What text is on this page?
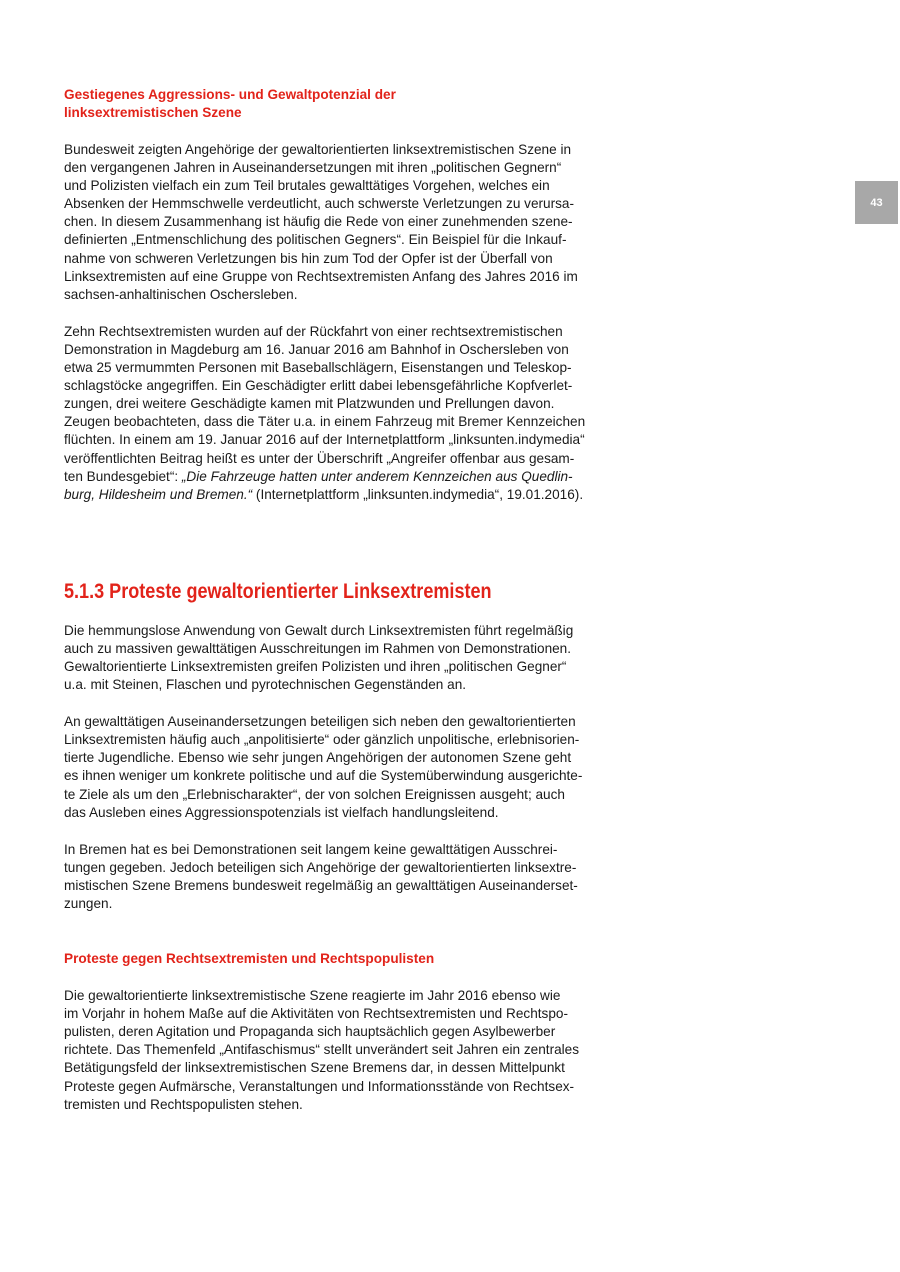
43
Gestiegenes Aggressions- und Gewaltpotenzial der
linksextremistischen Szene

Bundesweit zeigten Angehörige der gewaltorientierten linksextremistischen Szene in
den vergangenen Jahren in Auseinandersetzungen mit ihren „politischen Gegnern“
und Polizisten vielfach ein zum Teil brutales gewalttätiges Vorgehen, welches ein
Absenken der Hemmschwelle verdeutlicht, auch schwerste Verletzungen zu verursa-
chen. In diesem Zusammenhang ist häufig die Rede von einer zunehmenden szene-
definierten „Entmenschlichung des politischen Gegners“. Ein Beispiel für die Inkauf-
nahme von schweren Verletzungen bis hin zum Tod der Opfer ist der Überfall von
Linksextremisten auf eine Gruppe von Rechtsextremisten Anfang des Jahres 2016 im
sachsen-anhaltinischen Oschersleben.

Zehn Rechtsextremisten wurden auf der Rückfahrt von einer rechtsextremistischen
Demonstration in Magdeburg am 16. Januar 2016 am Bahnhof in Oschersleben von
etwa 25 vermummten Personen mit Baseballschlägern, Eisenstangen und Teleskop-
schlagstöcke angegriffen. Ein Geschädigter erlitt dabei lebensgefährliche Kopfverlet-
zungen, drei weitere Geschädigte kamen mit Platzwunden und Prellungen davon.
Zeugen beobachteten, dass die Täter u.a. in einem Fahrzeug mit Bremer Kennzeichen
flüchten. In einem am 19. Januar 2016 auf der Internetplattform „linksunten.indymedia“
veröffentlichten Beitrag heißt es unter der Überschrift „Angreifer offenbar aus gesam-
ten Bundesgebiet“: „Die Fahrzeuge hatten unter anderem Kennzeichen aus Quedlin-
burg, Hildesheim und Bremen.“ (Internetplattform „linksunten.indymedia“, 19.01.2016).

5.1.3 Proteste gewaltorientierter Linksextremisten

Die hemmungslose Anwendung von Gewalt durch Linksextremisten führt regelmäßig
auch zu massiven gewalttätigen Ausschreitungen im Rahmen von Demonstrationen.
Gewaltorientierte Linksextremisten greifen Polizisten und ihren „politischen Gegner“
u.a. mit Steinen, Flaschen und pyrotechnischen Gegenständen an.

An gewalttätigen Auseinandersetzungen beteiligen sich neben den gewaltorientierten
Linksextremisten häufig auch „anpolitisierte“ oder gänzlich unpolitische, erlebnisorien-
tierte Jugendliche. Ebenso wie sehr jungen Angehörigen der autonomen Szene geht
es ihnen weniger um konkrete politische und auf die Systemüberwindung ausgerichte-
te Ziele als um den „Erlebnischarakter“, der von solchen Ereignissen ausgeht; auch
das Ausleben eines Aggressionspotenzials ist vielfach handlungsleitend.

In Bremen hat es bei Demonstrationen seit langem keine gewalttätigen Ausschrei-
tungen gegeben. Jedoch beteiligen sich Angehörige der gewaltorientierten linksextre-
mistischen Szene Bremens bundesweit regelmäßig an gewalttätigen Auseinanderset-
zungen.

Proteste gegen Rechtsextremisten und Rechtspopulisten

Die gewaltorientierte linksextremistische Szene reagierte im Jahr 2016 ebenso wie
im Vorjahr in hohem Maße auf die Aktivitäten von Rechtsextremisten und Rechtspo-
pulisten, deren Agitation und Propaganda sich hauptsächlich gegen Asylbewerber
richtete. Das Themenfeld „Antifaschismus“ stellt unverändert seit Jahren ein zentrales
Betätigungsfeld der linksextremistischen Szene Bremens dar, in dessen Mittelpunkt
Proteste gegen Aufmärsche, Veranstaltungen und Informationsstände von Rechtsex-
tremisten und Rechtspopulisten stehen.
